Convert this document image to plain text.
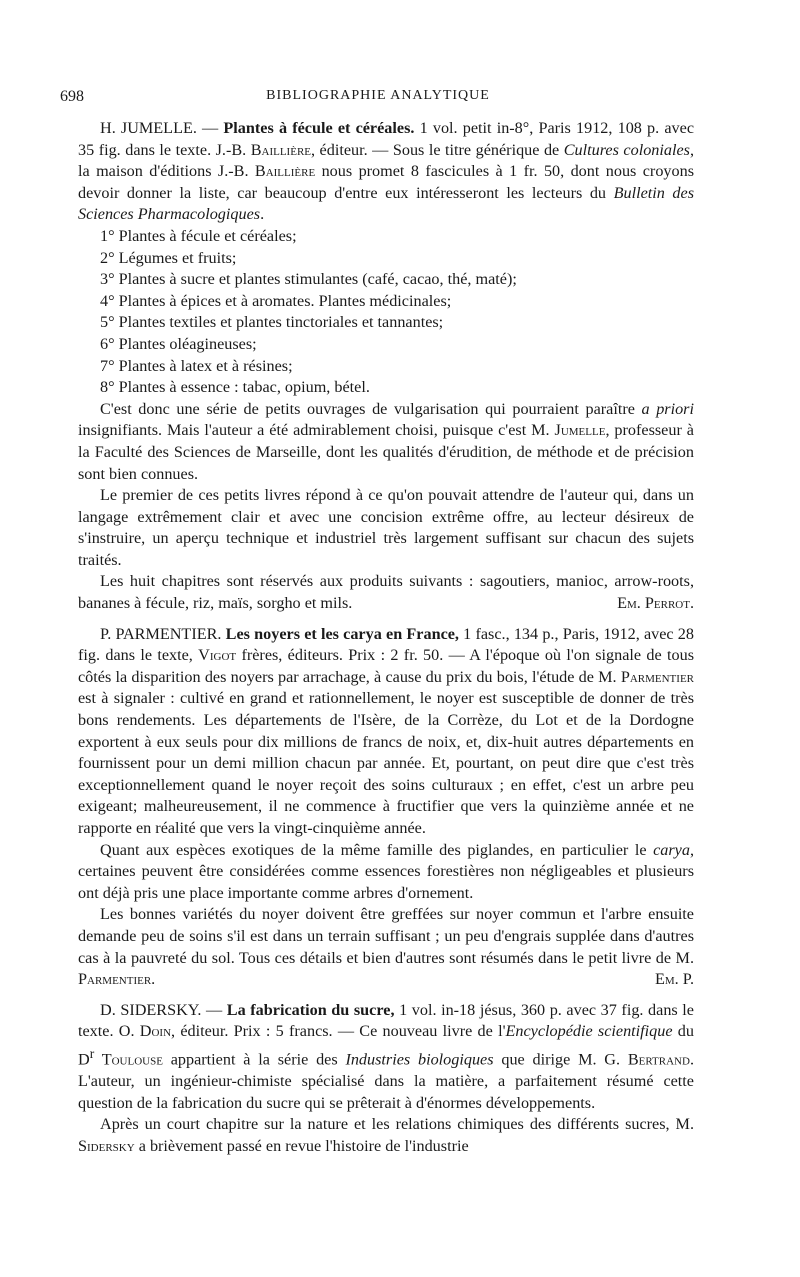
698	BIBLIOGRAPHIE ANALYTIQUE

H. JUMELLE. — Plantes à fécule et céréales. 1 vol. petit in-8°, Paris 1912, 108 p. avec 35 fig. dans le texte. J.-B. Baillière, éditeur. — Sous le titre générique de Cultures coloniales, la maison d'éditions J.-B. Baillière nous promet 8 fascicules à 1 fr. 50, dont nous croyons devoir donner la liste, car beaucoup d'entre eux intéresseront les lecteurs du Bulletin des Sciences Pharmacologiques.

1° Plantes à fécule et céréales;
2° Légumes et fruits;
3° Plantes à sucre et plantes stimulantes (café, cacao, thé, maté);
4° Plantes à épices et à aromates. Plantes médicinales;
5° Plantes textiles et plantes tinctoriales et tannantes;
6° Plantes oléagineuses;
7° Plantes à latex et à résines;
8° Plantes à essence : tabac, opium, bétel.

C'est donc une série de petits ouvrages de vulgarisation qui pourraient paraître a priori insignifiants. Mais l'auteur a été admirablement choisi, puisque c'est M. Jumelle, professeur à la Faculté des Sciences de Marseille, dont les qualités d'érudition, de méthode et de précision sont bien connues.

Le premier de ces petits livres répond à ce qu'on pouvait attendre de l'auteur qui, dans un langage extrêmement clair et avec une concision extrême offre, au lecteur désireux de s'instruire, un aperçu technique et industriel très largement suffisant sur chacun des sujets traités.

Les huit chapitres sont réservés aux produits suivants : sagoutiers, manioc, arrow-roots, bananes à fécule, riz, maïs, sorgho et mils.	Em. Perrot.

P. PARMENTIER. Les noyers et les carya en France, 1 fasc., 134 p., Paris, 1912, avec 28 fig. dans le texte, Vigot frères, éditeurs. Prix : 2 fr. 50. — A l'époque où l'on signale de tous côtés la disparition des noyers par arrachage, à cause du prix du bois, l'étude de M. Parmentier est à signaler : cultivé en grand et rationnellement, le noyer est susceptible de donner de très bons rendements. Les départements de l'Isère, de la Corrèze, du Lot et de la Dordogne exportent à eux seuls pour dix millions de francs de noix, et, dix-huit autres départements en fournissent pour un demi million chacun par année. Et, pourtant, on peut dire que c'est très exceptionnellement quand le noyer reçoit des soins culturaux ; en effet, c'est un arbre peu exigeant; malheureusement, il ne commence à fructifier que vers la quinzième année et ne rapporte en réalité que vers la vingt-cinquième année.

Quant aux espèces exotiques de la même famille des piglandes, en particulier le carya, certaines peuvent être considérées comme essences forestières non négligeables et plusieurs ont déjà pris une place importante comme arbres d'ornement.

Les bonnes variétés du noyer doivent être greffées sur noyer commun et l'arbre ensuite demande peu de soins s'il est dans un terrain suffisant ; un peu d'engrais supplée dans d'autres cas à la pauvreté du sol. Tous ces détails et bien d'autres sont résumés dans le petit livre de M. Parmentier.	Em. P.

D. SIDERSKY. — La fabrication du sucre, 1 vol. in-18 jésus, 360 p. avec 37 fig. dans le texte. O. Doin, éditeur. Prix : 5 francs. — Ce nouveau livre de l'Encyclopédie scientifique du $D^r$ Toulouse appartient à la série des Industries biologiques que dirige M. G. Bertrand. L'auteur, un ingénieur-chimiste spécialisé dans la matière, a parfaitement résumé cette question de la fabrication du sucre qui se prêterait à d'énormes développements.

Après un court chapitre sur la nature et les relations chimiques des différents sucres, M. Sidersky a brièvement passé en revue l'histoire de l'industrie
